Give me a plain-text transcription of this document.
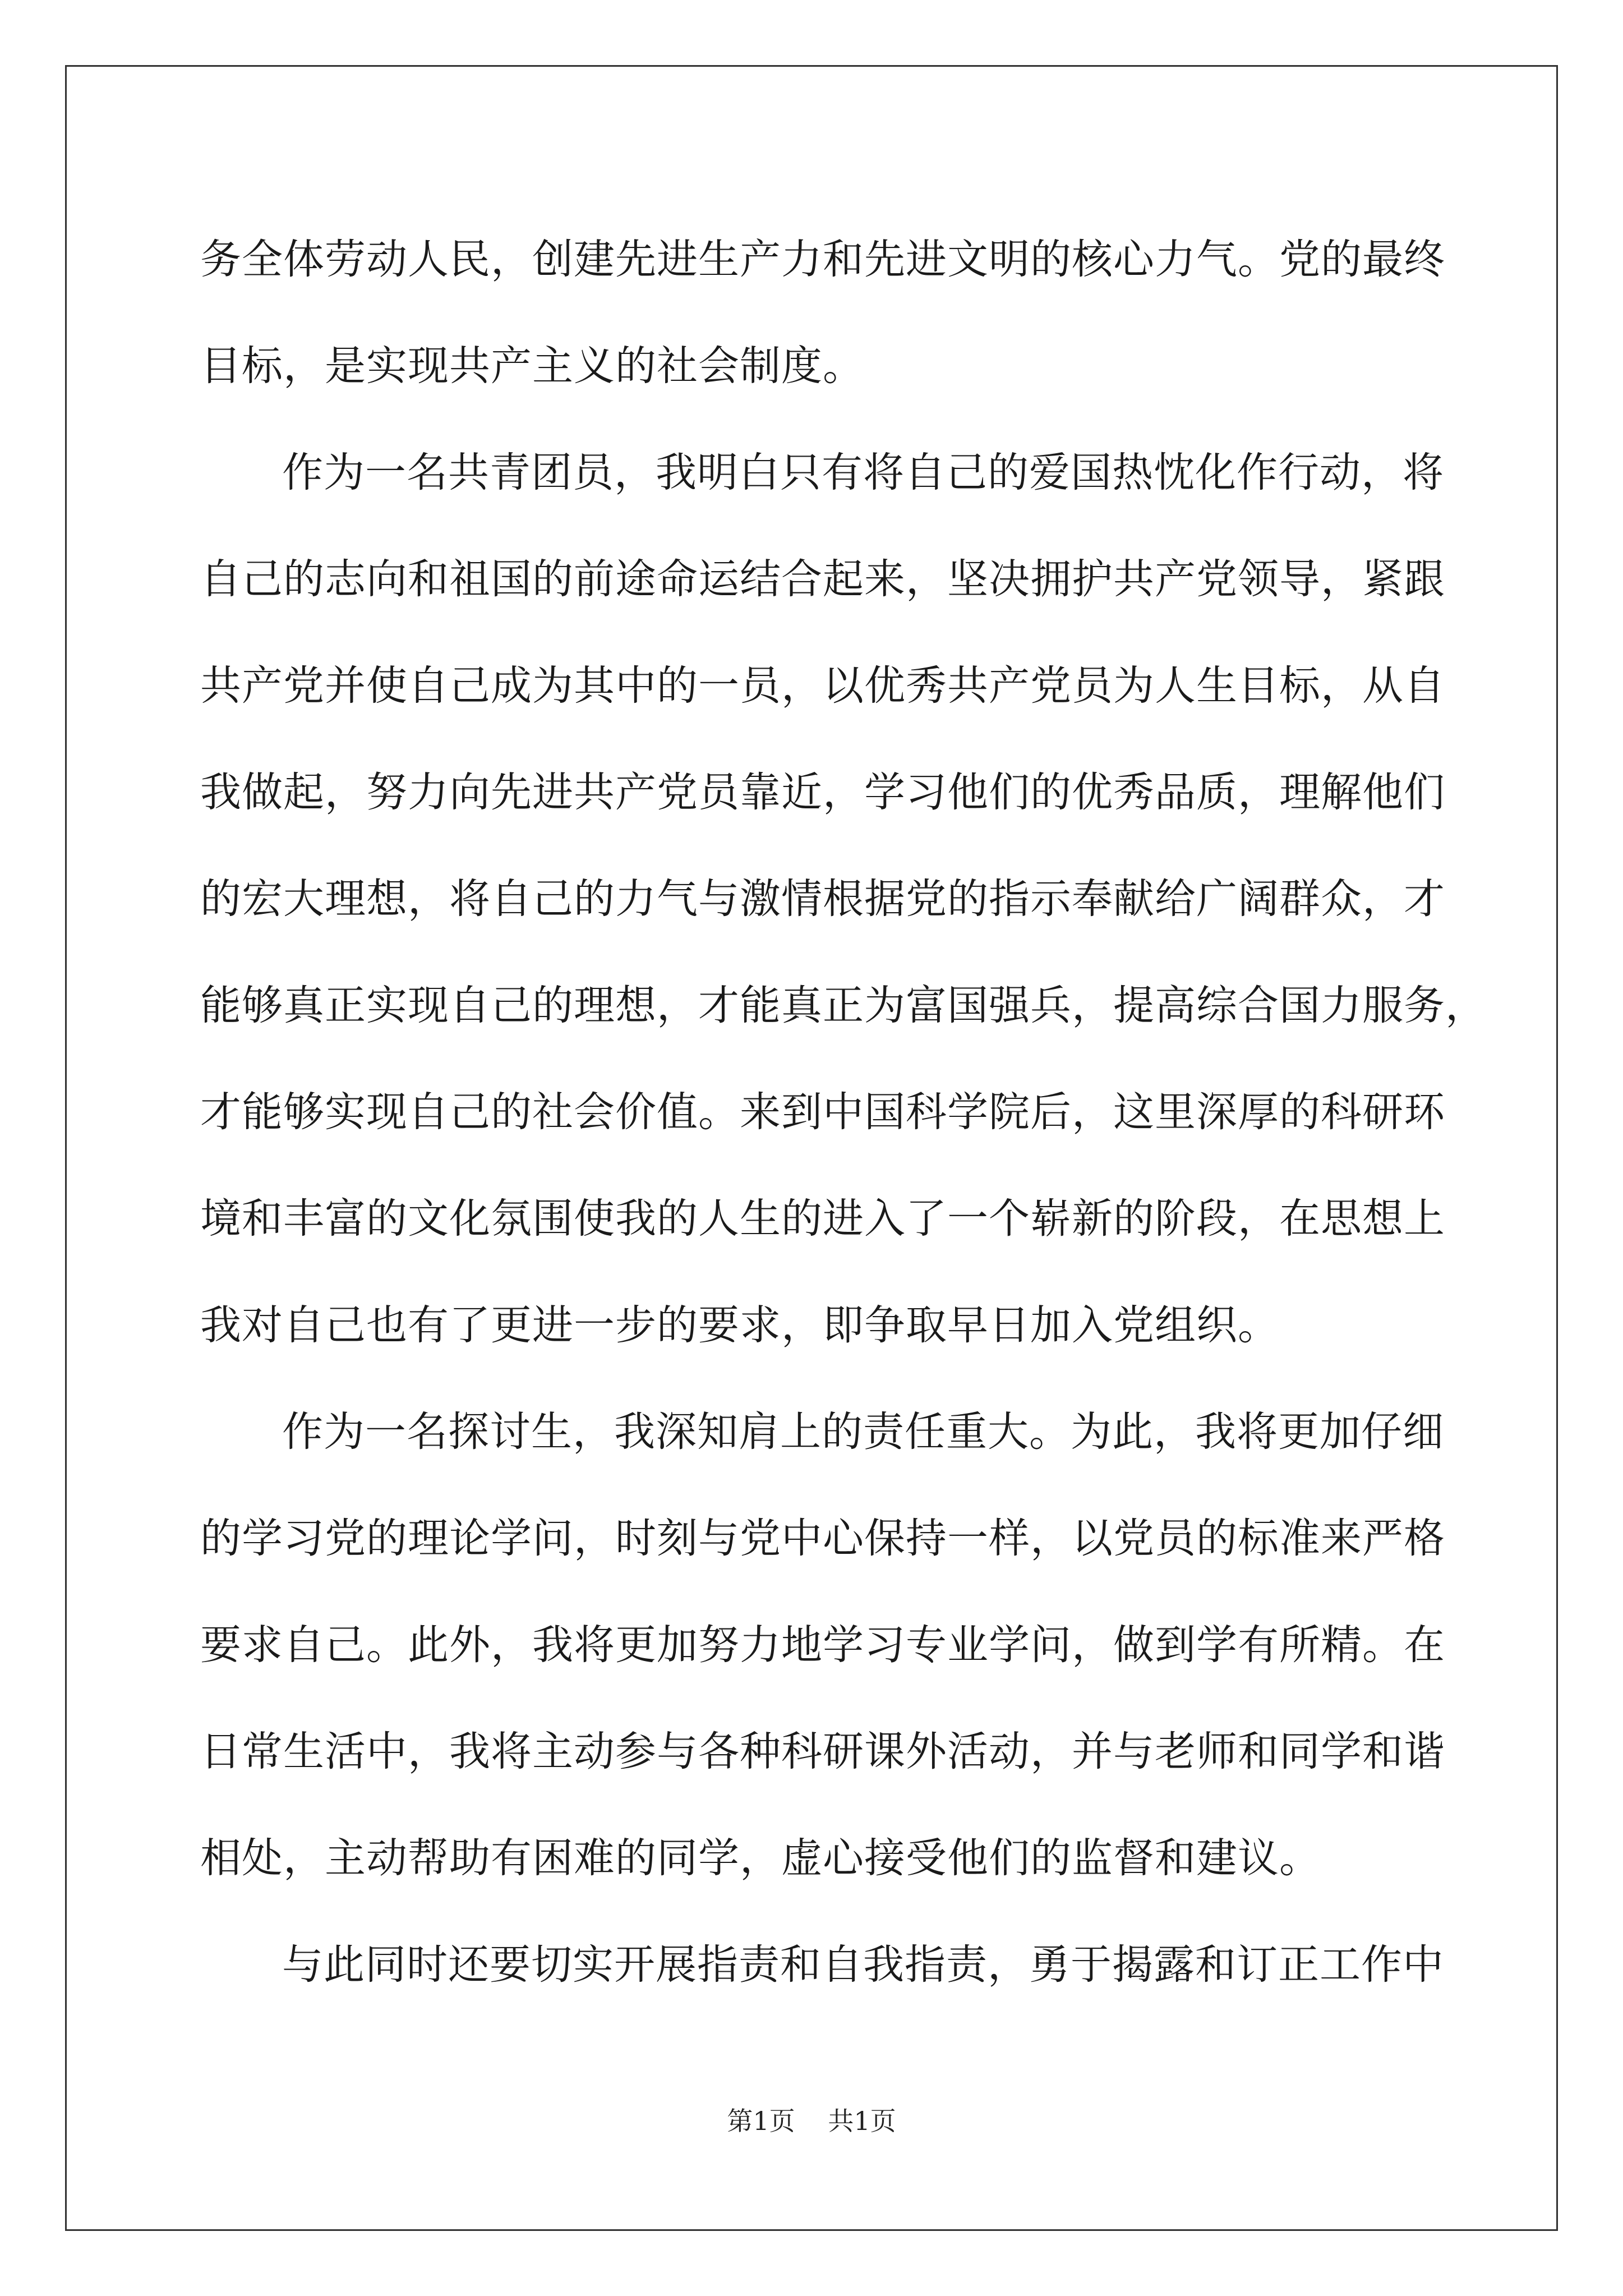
务全体劳动人民，创建先进生产力和先进文明的核心力气。党的最终
目标，是实现共产主义的社会制度。

作为一名共青团员，我明白只有将自己的爱国热忱化作行动，将
自己的志向和祖国的前途命运结合起来，坚决拥护共产党领导，紧跟
共产党并使自己成为其中的一员，以优秀共产党员为人生目标，从自
我做起，努力向先进共产党员靠近，学习他们的优秀品质，理解他们
的宏大理想，将自己的力气与激情根据党的指示奉献给广阔群众，才
能够真正实现自己的理想，才能真正为富国强兵，提高综合国力服务，
才能够实现自己的社会价值。来到中国科学院后，这里深厚的科研环
境和丰富的文化氛围使我的人生的进入了一个崭新的阶段，在思想上
我对自己也有了更进一步的要求，即争取早日加入党组织。

作为一名探讨生，我深知肩上的责任重大。为此，我将更加仔细
的学习党的理论学问，时刻与党中心保持一样，以党员的标准来严格
要求自己。此外，我将更加努力地学习专业学问，做到学有所精。在
日常生活中，我将主动参与各种科研课外活动，并与老师和同学和谐
相处，主动帮助有困难的同学，虚心接受他们的监督和建议。

与此同时还要切实开展指责和自我指责，勇于揭露和订正工作中

第1页 共1页
